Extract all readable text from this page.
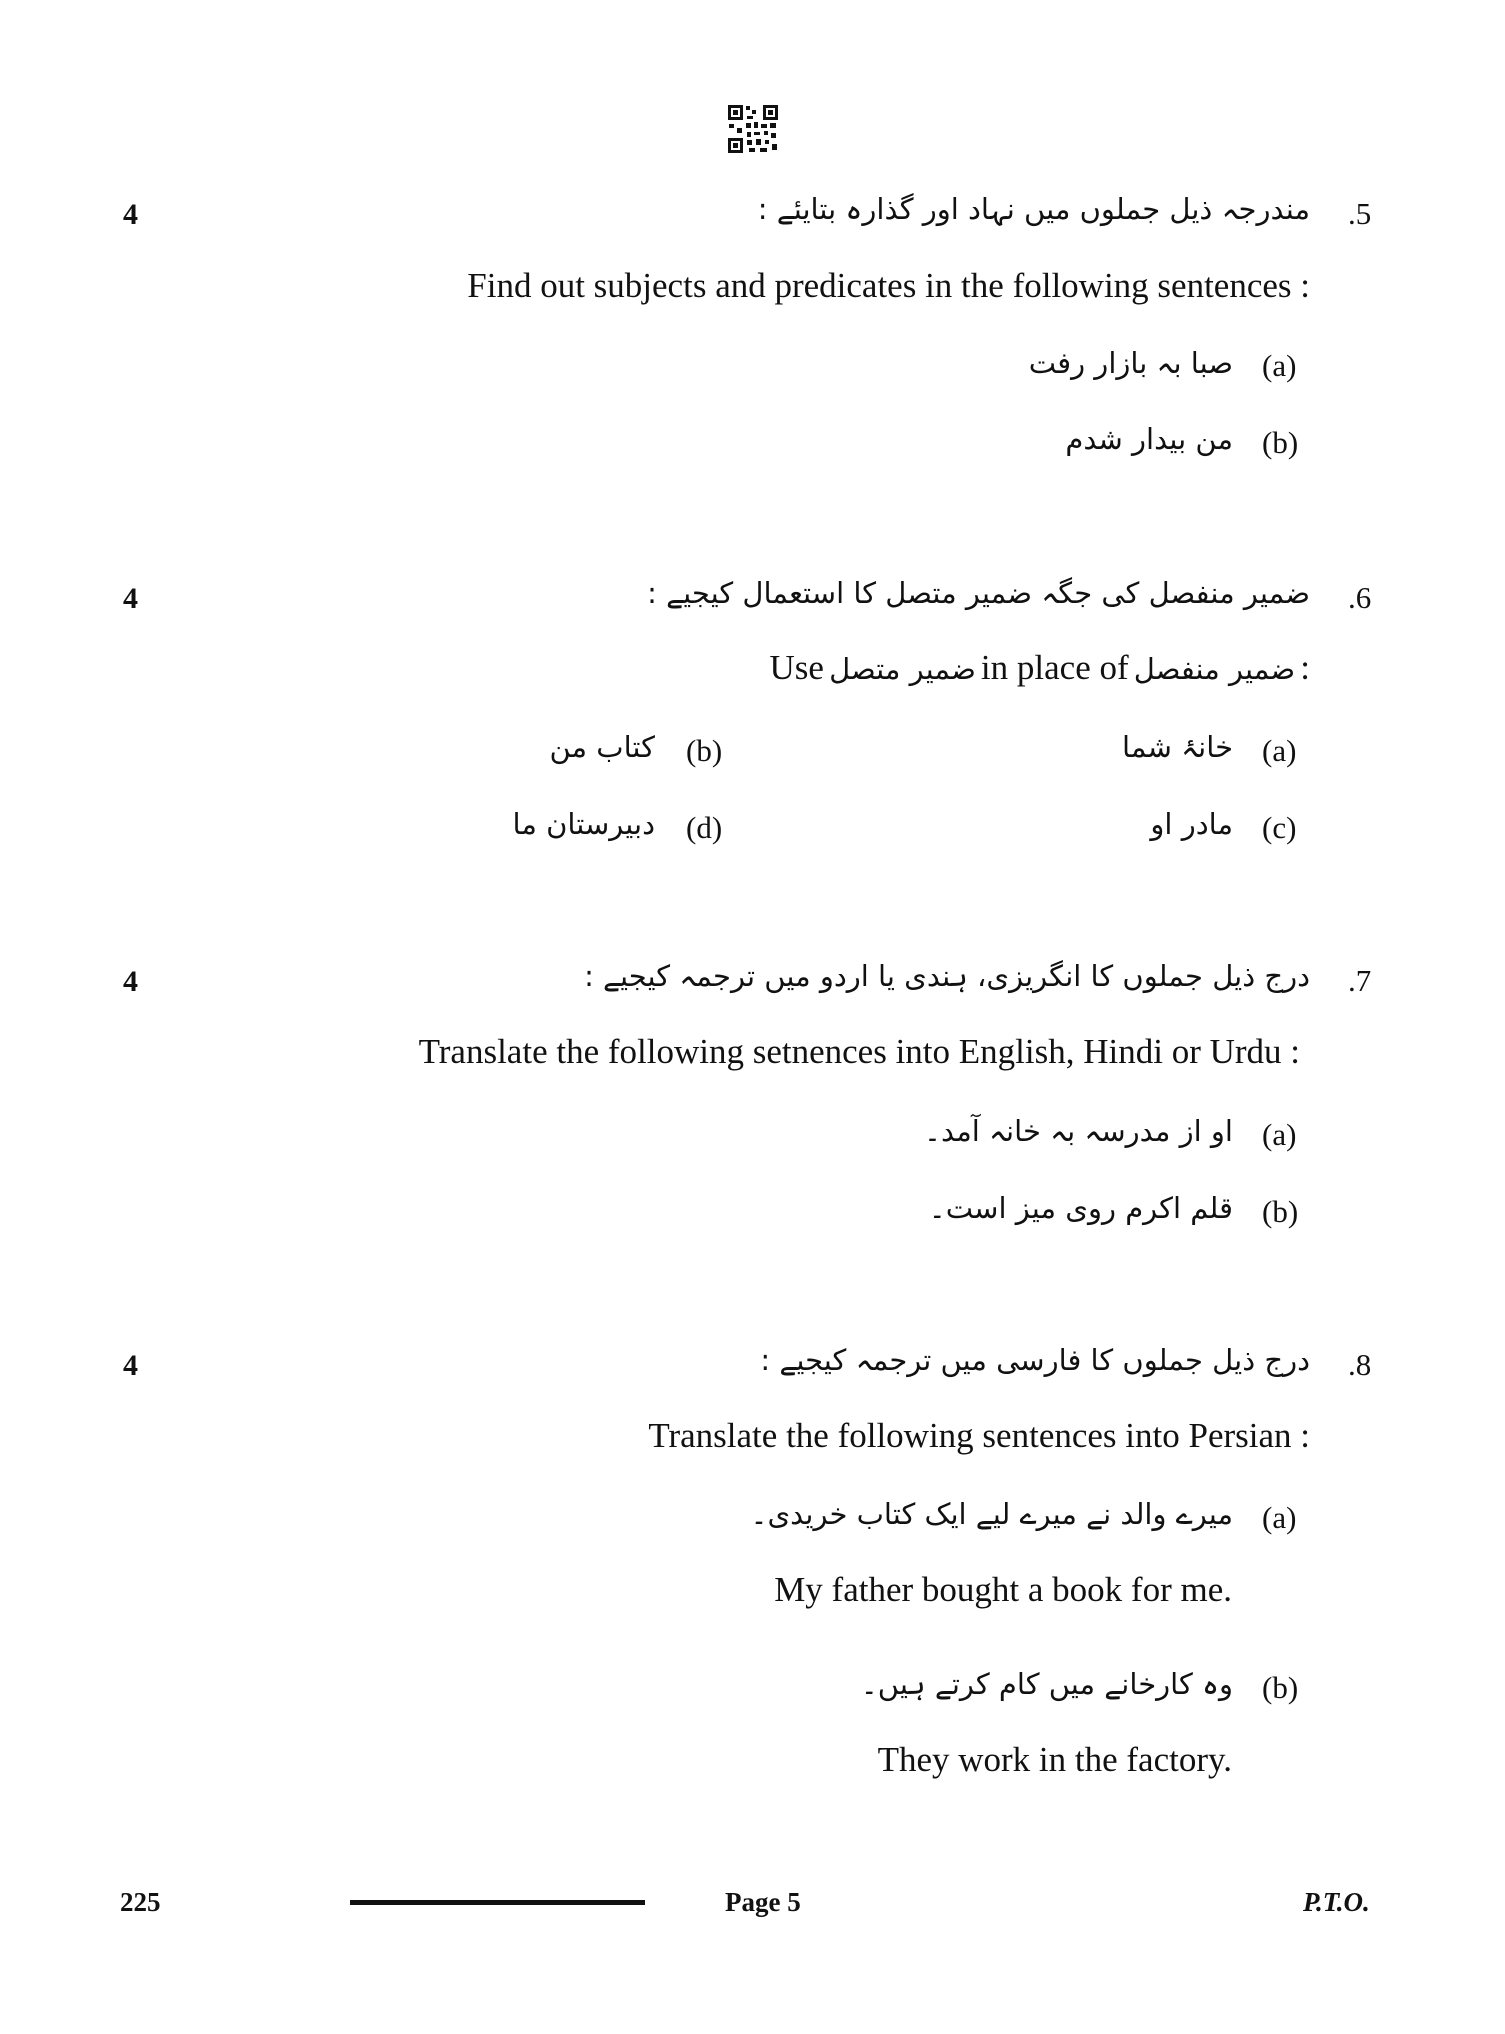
4	مندرجہ ذیل جملوں میں نہاد اور گذارہ بتایئے : .5
Find out subjects and predicates in the following sentences :
(a)
صبا بہ بازار رفت
(b)
من بیدار شدم
4	ضمیر منفصل کی جگہ ضمیر متصل کا استعمال کیجیے : .6
Use ضمیر متصل in place of ضمیر منفصل :
(a)
خانۂ شما
(b)
کتاب من
(c)
مادر او
(d)
دبیرستان ما
4	درج ذیل جملوں کا انگریزی، ہندی یا اردو میں ترجمہ کیجیے : .7
Translate the following setnences into English, Hindi or Urdu :
(a)
او از مدرسہ بہ خانہ آمد۔
(b)
قلم اکرم روی میز است۔
4	درج ذیل جملوں کا فارسی میں ترجمہ کیجیے : .8
Translate the following sentences into Persian :
(a)
میرے والد نے میرے لیے ایک کتاب خریدی۔
My father bought a book for me.
(b)
وہ کارخانے میں کام کرتے ہیں۔
They work in the factory.
225	Page 5	P.T.O.
